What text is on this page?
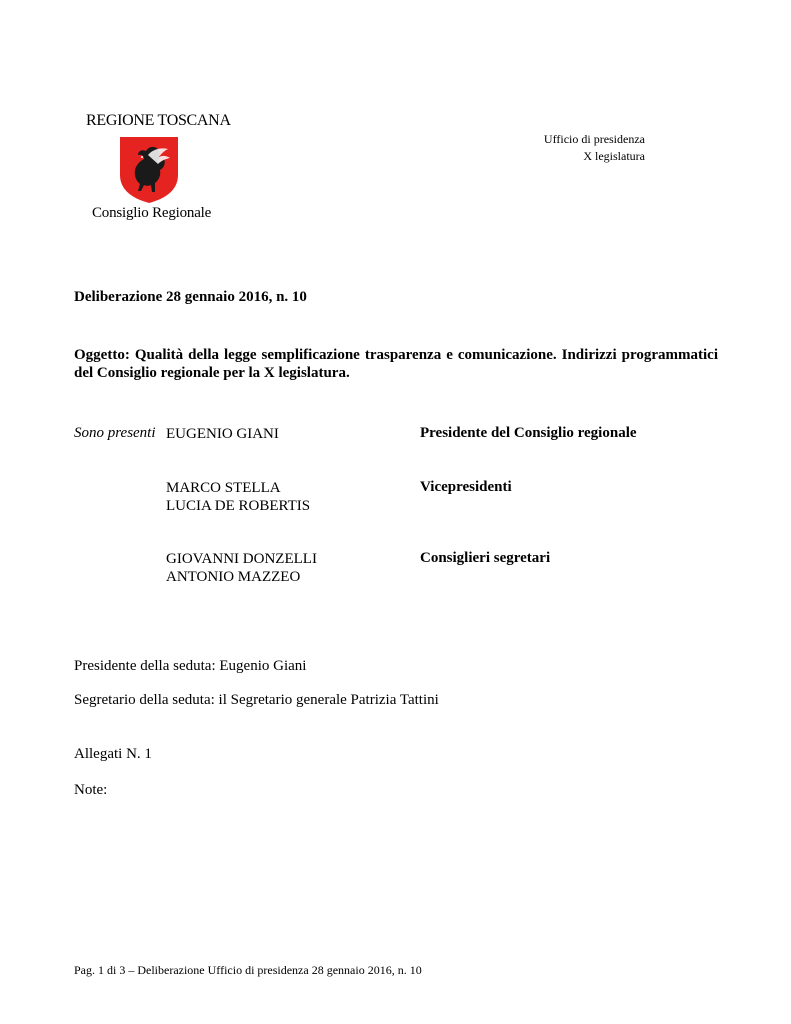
REGIONE TOSCANA
Consiglio Regionale
Ufficio di presidenza
X legislatura
Deliberazione 28 gennaio 2016, n. 10
Oggetto: Qualità della legge semplificazione trasparenza e comunicazione. Indirizzi programmatici del Consiglio regionale per la X legislatura.
Sono presenti EUGENIO GIANI	Presidente del Consiglio regionale
MARCO STELLA
LUCIA DE ROBERTIS
Vicepresidenti
GIOVANNI DONZELLI
ANTONIO MAZZEO
Consiglieri segretari
Presidente della seduta: Eugenio Giani
Segretario della seduta: il Segretario generale Patrizia Tattini
Allegati N. 1
Note:
Pag. 1 di 3 – Deliberazione Ufficio di presidenza 28 gennaio 2016, n. 10
